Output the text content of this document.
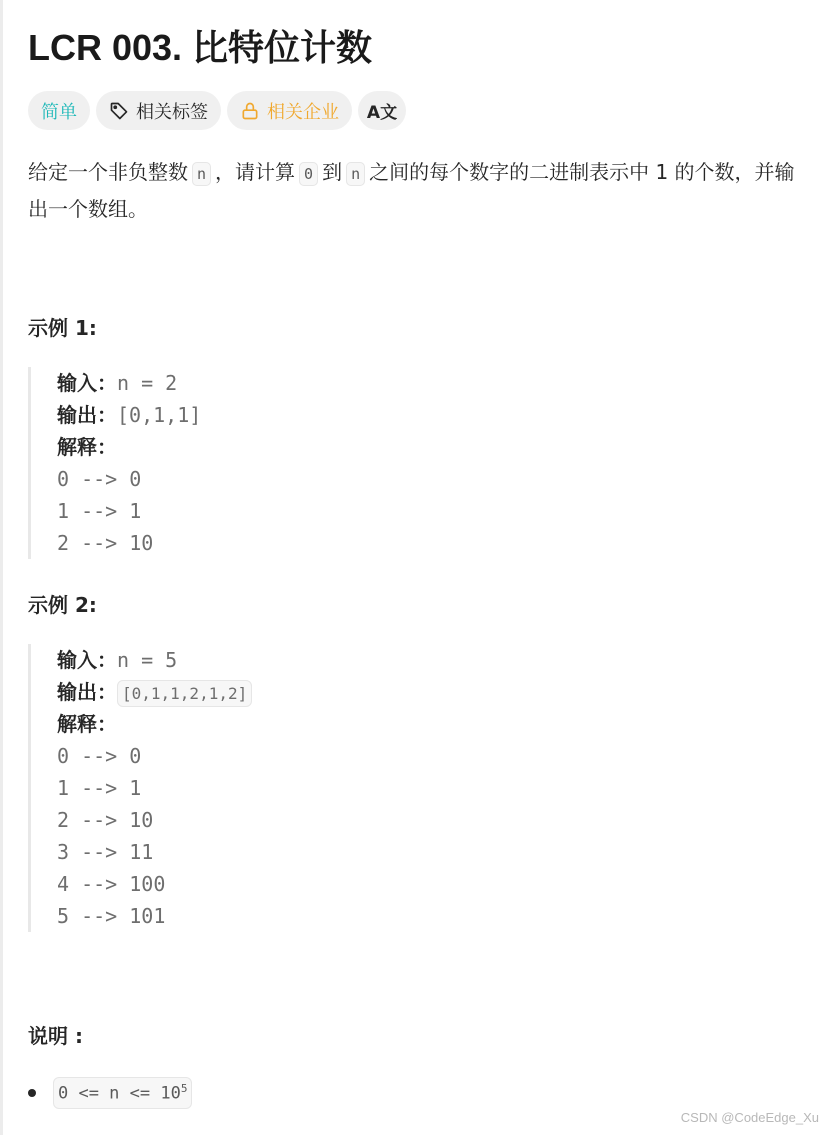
LCR 003. 比特位计数
简单	相关标签	相关企业 A文
给定一个非负整数 n ，请计算 0 到 n 之间的每个数字的二进制表示中 1 的个数，并输出一个数组。
示例 1:
输入：n = 2
输出：[0,1,1]
解释：
0 --> 0
1 --> 1
2 --> 10
示例 2:
输入：n = 5
输出： [0,1,1,2,1,2]
解释：
0 --> 0
1 --> 1
2 --> 10
3 --> 11
4 --> 100
5 --> 101
说明 :
$0 <= n <= 10^5$
CSDN @CodeEdge_Xu
